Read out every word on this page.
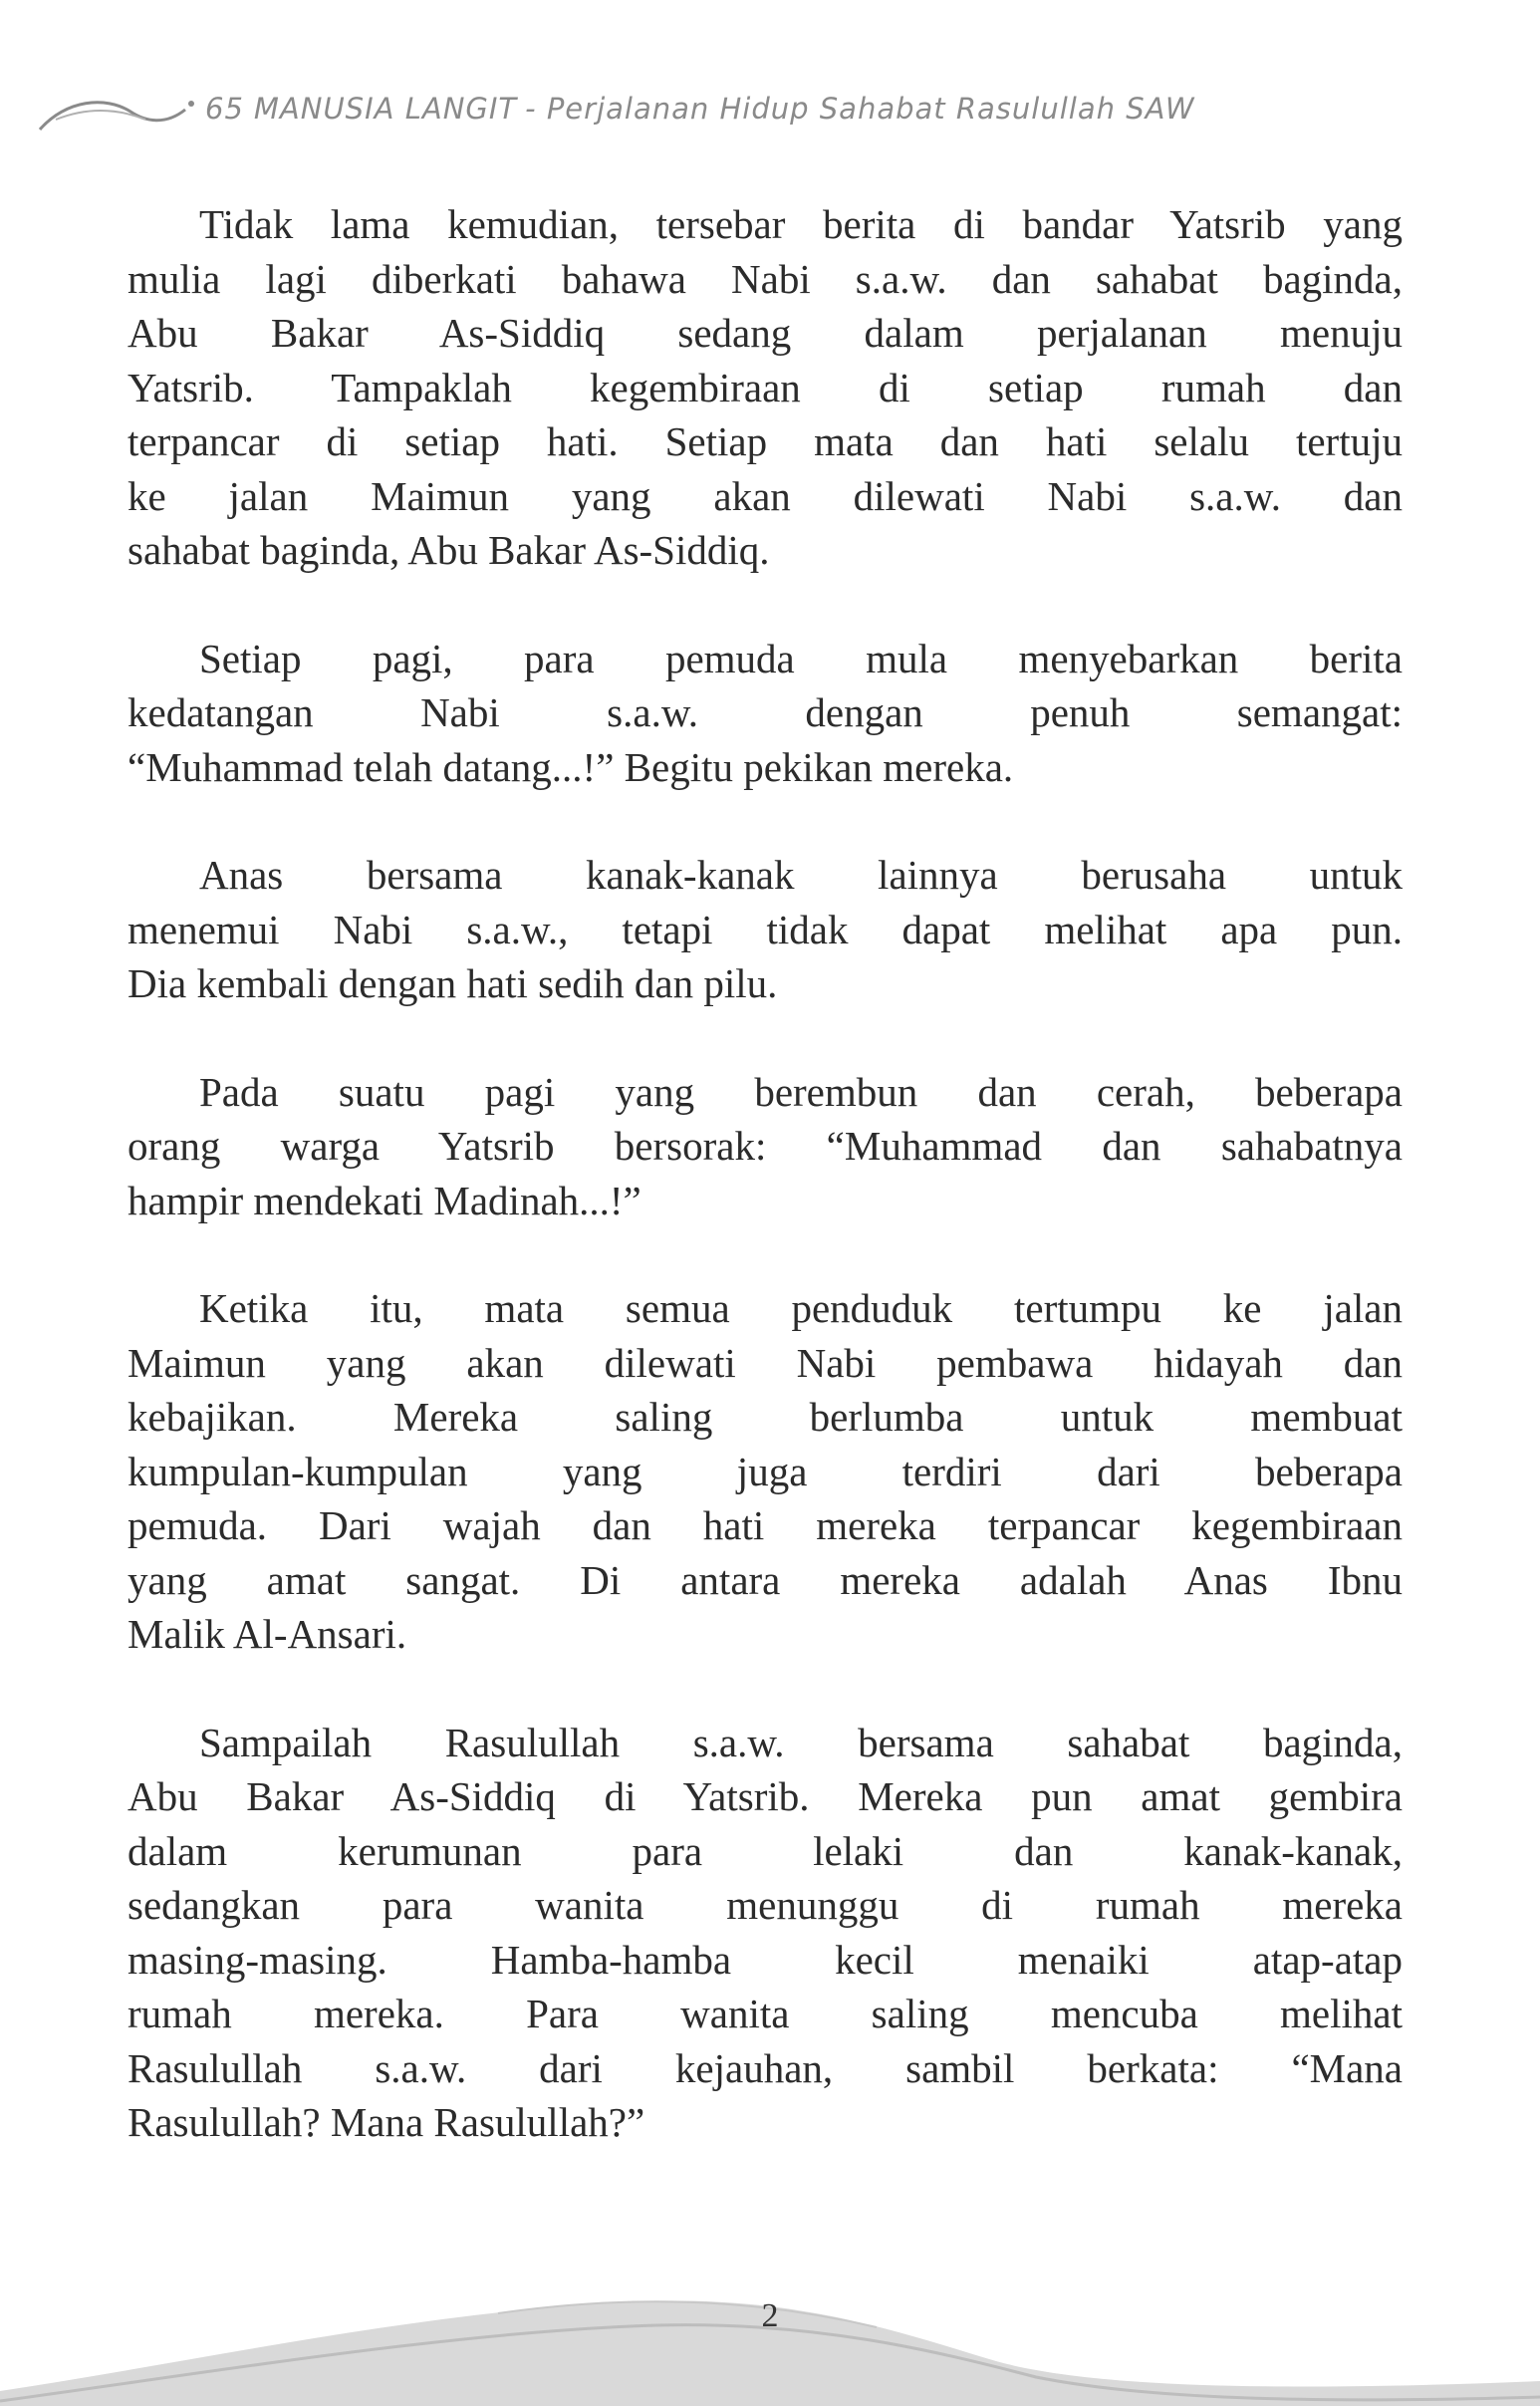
65 MANUSIA LANGIT - Perjalanan Hidup Sahabat Rasulullah SAW

Tidak lama kemudian, tersebar berita di bandar Yatsrib yang
mulia lagi diberkati bahawa Nabi s.a.w. dan sahabat baginda,
Abu Bakar As-Siddiq sedang dalam perjalanan menuju
Yatsrib. Tampaklah kegembiraan di setiap rumah dan
terpancar di setiap hati. Setiap mata dan hati selalu tertuju
ke jalan Maimun yang akan dilewati Nabi s.a.w. dan
sahabat baginda, Abu Bakar As-Siddiq.

Setiap pagi, para pemuda mula menyebarkan berita
kedatangan Nabi s.a.w. dengan penuh semangat:
“Muhammad telah datang...!” Begitu pekikan mereka.

Anas bersama kanak-kanak lainnya berusaha untuk
menemui Nabi s.a.w., tetapi tidak dapat melihat apa pun.
Dia kembali dengan hati sedih dan pilu.

Pada suatu pagi yang berembun dan cerah, beberapa
orang warga Yatsrib bersorak: “Muhammad dan sahabatnya
hampir mendekati Madinah...!”

Ketika itu, mata semua penduduk tertumpu ke jalan
Maimun yang akan dilewati Nabi pembawa hidayah dan
kebajikan. Mereka saling berlumba untuk membuat
kumpulan-kumpulan yang juga terdiri dari beberapa
pemuda. Dari wajah dan hati mereka terpancar kegembiraan
yang amat sangat. Di antara mereka adalah Anas Ibnu
Malik Al-Ansari.

Sampailah Rasulullah s.a.w. bersama sahabat baginda,
Abu Bakar As-Siddiq di Yatsrib. Mereka pun amat gembira
dalam kerumunan para lelaki dan kanak-kanak,
sedangkan para wanita menunggu di rumah mereka
masing-masing. Hamba-hamba kecil menaiki atap-atap
rumah mereka. Para wanita saling mencuba melihat
Rasulullah s.a.w. dari kejauhan, sambil berkata: “Mana
Rasulullah? Mana Rasulullah?”

2
